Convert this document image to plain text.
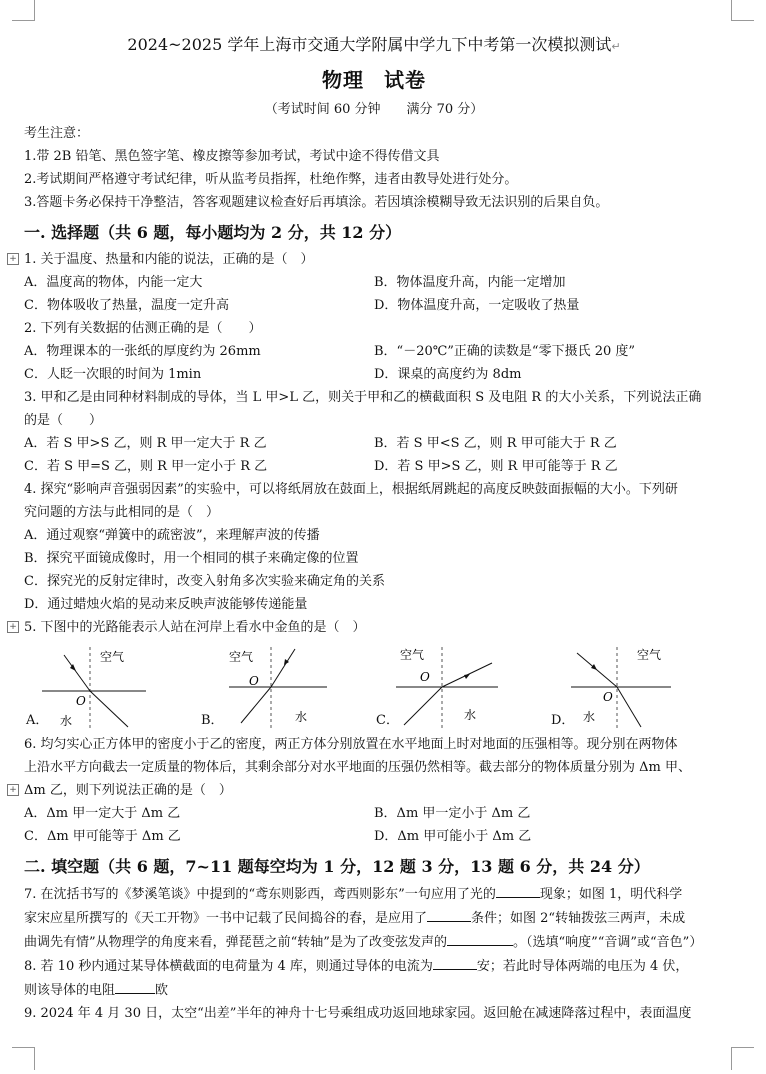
2024~2025 学年上海市交通大学附属中学九下中考第一次模拟测试↵
物理 试卷
（考试时间 60 分钟　　满分 70 分）
考生注意：
1.带 2B 铅笔、黑色签字笔、橡皮擦等参加考试，考试中途不得传借文具
2.考试期间严格遵守考试纪律，听从监考员指挥，杜绝作弊，违者由教导处进行处分。
3.答题卡务必保持干净整洁，答客观题建议检查好后再填涂。若因填涂模糊导致无法识别的后果自负。
一. 选择题（共 6 题，每小题均为 2 分，共 12 分）
+ 1. 关于温度、热量和内能的说法，正确的是（　）
A．温度高的物体，内能一定大	B．物体温度升高，内能一定增加
C．物体吸收了热量，温度一定升高	D．物体温度升高，一定吸收了热量
2. 下列有关数据的估测正确的是（　　）
A．物理课本的一张纸的厚度约为 26mm	B．“－20℃”正确的读数是“零下摄氏 20 度”
C．人眨一次眼的时间为 1min	D．课桌的高度约为 8dm
3. 甲和乙是由同种材料制成的导体，当 L 甲>L 乙，则关于甲和乙的横截面积 S 及电阻 R 的大小关系，下列说法正确
的是（　　）
A．若 S 甲>S 乙，则 R 甲一定大于 R 乙	B．若 S 甲<S 乙，则 R 甲可能大于 R 乙
C．若 S 甲=S 乙，则 R 甲一定小于 R 乙	D．若 S 甲>S 乙，则 R 甲可能等于 R 乙
4. 探究“影响声音强弱因素”的实验中，可以将纸屑放在鼓面上，根据纸屑跳起的高度反映鼓面振幅的大小。下列研
究问题的方法与此相同的是（　）
A．通过观察“弹簧中的疏密波”，来理解声波的传播
B．探究平面镜成像时，用一个相同的棋子来确定像的位置
C．探究光的反射定律时，改变入射角多次实验来确定角的关系
D．通过蜡烛火焰的晃动来反映声波能够传递能量
+ 5. 下图中的光路能表示人站在河岸上看水中金鱼的是（　）
空气
O
水
A．
空气
O
水
B．
空气
O
水
C．
空气
O
水
D．
+
6. 均匀实心正方体甲的密度小于乙的密度，两正方体分别放置在水平地面上时对地面的压强相等。现分别在两物体
上沿水平方向截去一定质量的物体后，其剩余部分对水平地面的压强仍然相等。截去部分的物体质量分别为 Δm 甲、
Δm 乙，则下列说法正确的是（　）
A．Δm 甲一定大于 Δm 乙	B．Δm 甲一定小于 Δm 乙
C．Δm 甲可能等于 Δm 乙	D．Δm 甲可能小于 Δm 乙
二. 填空题（共 6 题，7~11 题每空均为 1 分，12 题 3 分，13 题 6 分，共 24 分）
7. 在沈括书写的《梦溪笔谈》中提到的“鸢东则影西，鸢西则影东”一句应用了光的	现象；如图 1，明代科学
家宋应星所撰写的《天工开物》一书中记载了民间捣谷的舂，是应用了	条件；如图 2“转轴拨弦三两声，未成
曲调先有情”从物理学的角度来看，弹琵琶之前“转轴”是为了改变弦发声的	。（选填“响度”“音调”或“音色”）
8. 若 10 秒内通过某导体横截面的电荷量为 4 库，则通过导体的电流为	安；若此时导体两端的电压为 4 伏，
则该导体的电阻	欧
9. 2024 年 4 月 30 日，太空“出差”半年的神舟十七号乘组成功返回地球家园。返回舱在减速降落过程中，表面温度
